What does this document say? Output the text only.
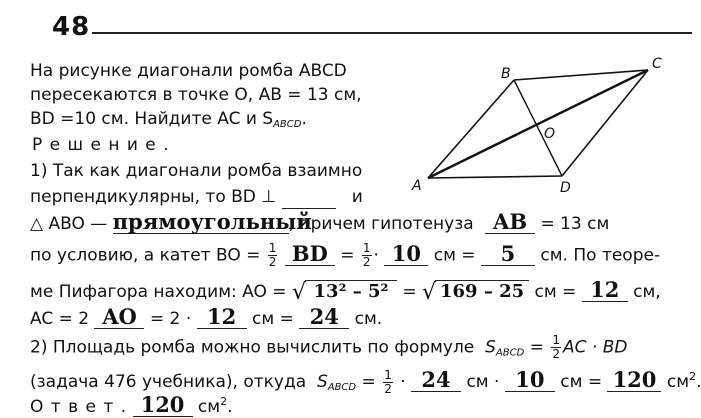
48
На рисунке диагонали ромба ABCD
пересекаются в точке O, AB = 13 см,
BD =10 см. Найдите AC и $S_{ABCD}$.
Р е ш е н и е .
1) Так как диагонали ромба взаимно
перпендикулярны, то BD ⊥	и
△ ABO — прямоугольный, причем гипотенуза AB = 13 см
по условию, а катет BO = $\frac{1}{2}$ BD = $\frac{1}{2} \cdot 10$ см = 5 см. По теоре-
ме Пифагора находим: AO = √ 13² – 5² = √ 169 – 25 см = 12 см,
AC = 2 AO = 2 · 12 см = 24 см.
2) Площадь ромба можно вычислить по формуле $S_{ABCD} = \frac{1}{2}$ AC · BD
(задача 476 учебника), откуда $S_{ABCD} = \frac{1}{2} \cdot 24$ см · 10 см = 120 $см^2$.
О т в е т . 120 $см^2$.
A
B
C
D
O
